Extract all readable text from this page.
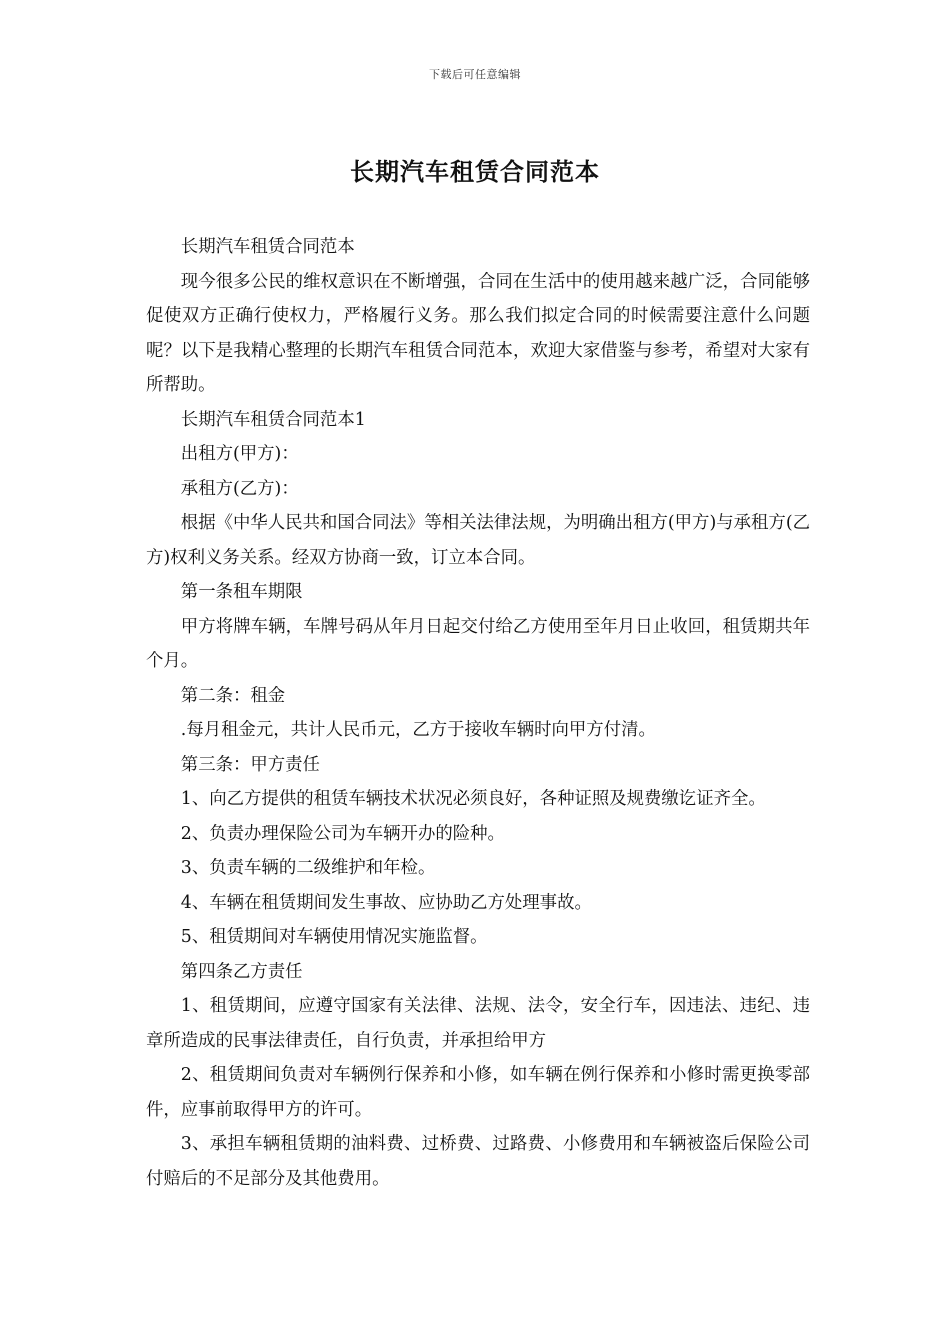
下载后可任意编辑
长期汽车租赁合同范本

长期汽车租赁合同范本

现今很多公民的维权意识在不断增强，合同在生活中的使用越来越广泛，合同能够促使双方正确行使权力，严格履行义务。那么我们拟定合同的时候需要注意什么问题呢？以下是我精心整理的长期汽车租赁合同范本，欢迎大家借鉴与参考，希望对大家有所帮助。

长期汽车租赁合同范本1

出租方(甲方)：

承租方(乙方)：

根据《中华人民共和国合同法》等相关法律法规，为明确出租方(甲方)与承租方(乙方)权利义务关系。经双方协商一致，订立本合同。

第一条租车期限

甲方将牌车辆，车牌号码从年月日起交付给乙方使用至年月日止收回，租赁期共年个月。

第二条：租金

.每月租金元，共计人民币元，乙方于接收车辆时向甲方付清。

第三条：甲方责任

1、向乙方提供的租赁车辆技术状况必须良好，各种证照及规费缴讫证齐全。

2、负责办理保险公司为车辆开办的险种。

3、负责车辆的二级维护和年检。

4、车辆在租赁期间发生事故、应协助乙方处理事故。

5、租赁期间对车辆使用情况实施监督。

第四条乙方责任

1、租赁期间，应遵守国家有关法律、法规、法令，安全行车，因违法、违纪、违章所造成的民事法律责任，自行负责，并承担给甲方

2、租赁期间负责对车辆例行保养和小修，如车辆在例行保养和小修时需更换零部件，应事前取得甲方的许可。

3、承担车辆租赁期的油料费、过桥费、过路费、小修费用和车辆被盗后保险公司付赔后的不足部分及其他费用。
